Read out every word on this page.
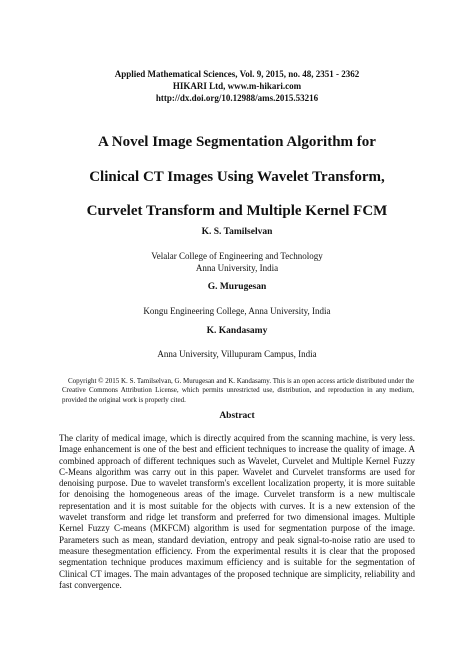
Applied Mathematical Sciences, Vol. 9, 2015, no. 48, 2351 - 2362
HIKARI Ltd, www.m-hikari.com
http://dx.doi.org/10.12988/ams.2015.53216
A Novel Image Segmentation Algorithm for
Clinical CT Images Using Wavelet Transform,
Curvelet Transform and Multiple Kernel FCM
K. S. Tamilselvan
Velalar College of Engineering and Technology
Anna University, India
G. Murugesan
Kongu Engineering College, Anna University, India
K. Kandasamy
Anna University, Villupuram Campus, India
Copyright © 2015 K. S. Tamilselvan, G. Murugesan and K. Kandasamy. This is an open access article distributed under the Creative Commons Attribution License, which permits unrestricted use, distribution, and reproduction in any medium, provided the original work is properly cited.
Abstract
The clarity of medical image, which is directly acquired from the scanning machine, is very less. Image enhancement is one of the best and efficient techniques to increase the quality of image. A combined approach of different techniques such as Wavelet, Curvelet and Multiple Kernel Fuzzy C-Means algorithm was carry out in this paper. Wavelet and Curvelet transforms are used for denoising purpose. Due to wavelet transform's excellent localization property, it is more suitable for denoising the homogeneous areas of the image. Curvelet transform is a new multiscale representation and it is most suitable for the objects with curves. It is a new extension of the wavelet transform and ridge let transform and preferred for two dimensional images. Multiple Kernel Fuzzy C-means (MKFCM) algorithm is used for segmentation purpose of the image. Parameters such as mean, standard deviation, entropy and peak signal-to-noise ratio are used to measure thesegmentation efficiency. From the experimental results it is clear that the proposed segmentation technique produces maximum efficiency and is suitable for the segmentation of Clinical CT images. The main advantages of the proposed technique are simplicity, reliability and fast convergence.
